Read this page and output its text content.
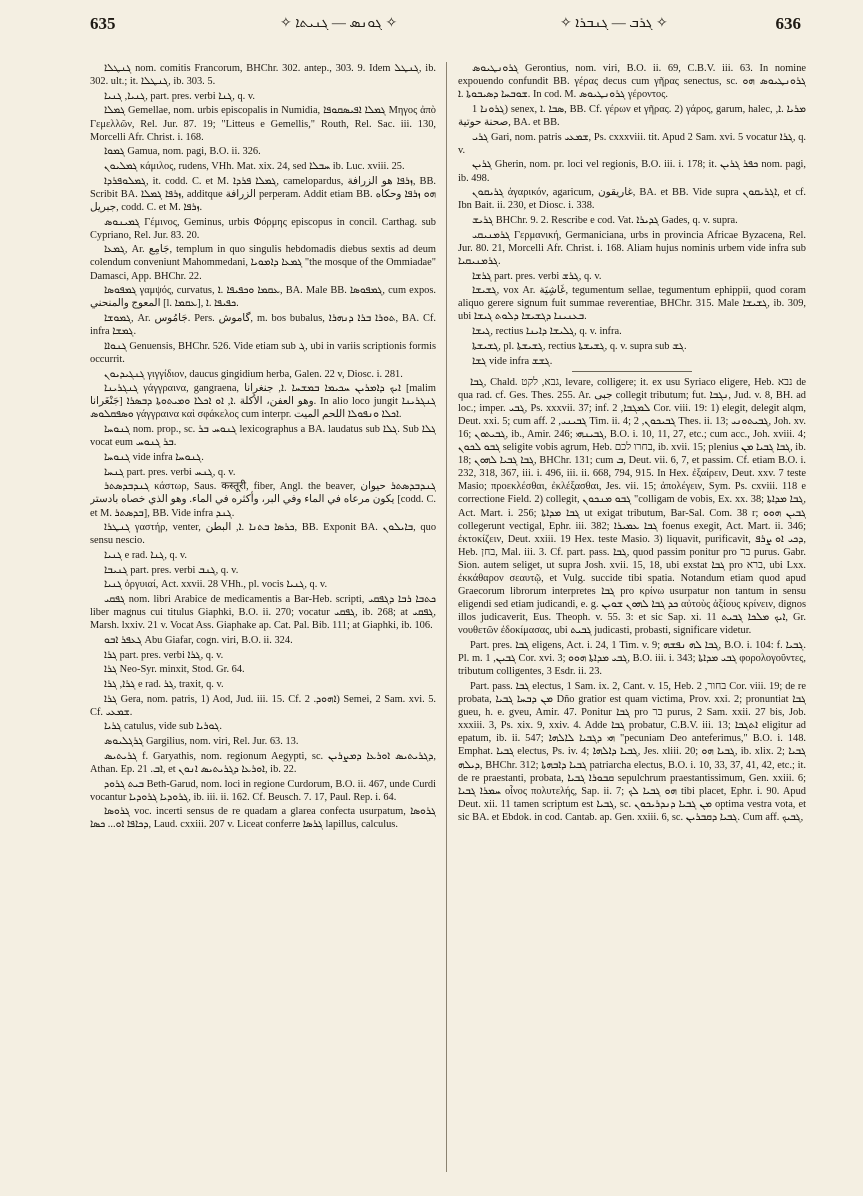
635	✧ ܓܘܢܣ — ܓܢܝܬܐ ✧	✧ ܓܪܒ — ܓܢܒܪܐ ✧	636

ܓܢܛܠܐ nom. comitis Francorum, BHChr. 302. antep., 303. 9. Idem ܓܢܛܠ, ib. 302. ult.; it. ܓܢܛܠܐ, ib. 303. 5.

ܓܢܝܐ, ܓܢܝܐ, part. pres. verbi ܓܢܐ, q. v.

ܓܡܠܐ Gemellae, nom. urbis episcopalis in Numidia, ܓܡܠܐ ܐܦܝܣܩܘܦܐ Μηγος ἀπὸ Γεμελλῶν, Rel. Jur. 87. 19; "Litteus e Gemellis," Routh, Rel. Sac. iii. 130, Morcelli Afr. Christ. i. 168.

ܓܡܘܐ Gamua, nom. pagi, B.O. ii. 326.

ܓܡܠܝܘܢ κάμιλος, rudens, VHh. Mat. xix. 24, sed ܚܒܠܐ ib. Luc. xviii. 25.

ܓܡܠܘܦܪܕܐ, it. codd. C. et M. ܓܡܠܐ ܦܪܕܐ, camelopardus, ܙܪܦܐ هو الزرافة, BB. Scribit BA. ܙܪܦܐ ܓܡܠܐ, additque الزرافة perperam. Addit etiam BB. ܗܘ ܙܪܦܐ وحكاه جبريل, codd. C. et M. ܙܪܦܐ.

ܓܡܝܢܘܣ Γέμινος, Geminus, urbis Φόρμης episcopus in concil. Carthag. sub Cypriano, Rel. Jur. 83. 20.

ܓܡܥܐ, Ar. جَامِع, templum in quo singulis hebdomadis diebus sextis ad deum colendum conveniunt Mahommedani, ܓܡܥܐ ܕܐܡܘܝܐ "the mosque of the Ommiadae" Damasci, App. BHChr. 22.

ܓܡܦܘܣܐ γαμψός, curvatus, ܥܩܡܐ ܘܟܦܝܦܐ .ܐ, BA. Male BB. ܓܡܦܘܣܐ, cum expos. المعوج والمنحني [l. ܥܩܡܐ], ܟܦܝܦܐ .ܐ.

ܓܡܘܫܐ, Ar. جَامُوس. Pers. گاموش, m. bos bubalus, ܬܘܪܐ ܒܪܐ ܕܢܗܪܐ, BA. Cf. infra ܓܡܫܐ.

ܓܢܘܐܐ Genuensis, BHChr. 526. Vide etiam sub ܓ, ubi in variis scriptionis formis occurrit.

ܓܢܓܝܕܝܘܢ γιγγίδιον, daucus gingidium herba, Galen. 22 v, Diosc. i. 281.

ܓܢܓܪܝܢܐ γάγγραινα, gangraena, ܐܝܟ ܕܐܡܪܝܢ ܚܟܝܡܐ ܒܡܫܚܐ .ܐ, جنغرانا [malim جَنْغَرانا] وهو العفن، الأكلة .ܐ, ܐܘ ܐܟܠܐ ܘܡܝܬܘܬܐ ܕܒܣܪܐ. In alio loco jungit ܓܢܓܪܝܢܐ ܘܣܦܩܠܘܣ γάγγραινα καὶ σφάκελος cum interpr. ܐܟܠܐ ܘܢܦܘܠܐ اللحم الميت.

ܓܢܘܚܐ nom. prop., sc. ܓܢܘܚ ܒܪ lexicographus a BA. laudatus sub ܓܠܐ. Sub ܓܠܐ vocat eum ܒܪ ܓܢܘܚ.

ܓܢܘܚܐ vide infra ܓܢܘܚܐ.

ܓܢܚܐ part. pres. verbi ܓܢܚ, q. v.

ܓܢܕܒܕܣܬܪ κάστωρ, Saus. कस्तूरी, fiber, Angl. the beaver, ܓܢܕܒܕܣܬܪ حيوان يكون مرعاه في الماء وفي البر، وأكثره في الماء. وهو الذي خصاه بادستر [codd. C. et M. ܒܕܣܬܪ], BB. Vide infra ܓܢܕ.

ܓܢܛܪܐ γαστήρ, venter, ܟܪܣܐ ܒܬܢܐ .ܐ, البطن, BB. Exponit BA. ܒܐܝܠܘܢ, quo sensu nescio.

ܓܢܝܐ e rad. ܓܢܐ, q. v.

ܓܢܝܒܐ part. pres. verbi ܓܢܒ, q. v.

ܓܢܝܐ ὀργυιαί, Act. xxvii. 28 VHh., pl. vocis ܓܢܝܐ, q. v.

ܓܦܩܝ nom. libri Arabice de medicamentis a Bar-Heb. scripti, ܟܬܒܐ ܪܒܐ ܕܓܦܩܝ liber magnus cui titulus Giaphki, B.O. ii. 270; vocatur ܓܦܩܝ, ib. 268; at ܓܦܩܝ, Marsh. lxxiv. 21 v. Vocat Ass. Giaphake ap. Cat. Pal. Bib. 111; at Giaphki, ib. 106.

ܓܥܦܪ ܐܒܘ Abu Giafar, cogn. viri, B.O. ii. 324.

ܓܪܐ part. pres. verbi ܓܪܐ, q. v.

ܓܪܐ Neo-Syr. minxit, Stod. Gr. 64.

ܓܪܐ, ܓܪܐ e rad. ܓܪ, traxit, q. v.

ܓܪܐ Gera, nom. patris, 1) Aod, Jud. iii. 15. Cf. ܐܗܘܕ. 2) Semei, 2 Sam. xvi. 5. Cf. ܫܡܥܝ.

ܓܪܝܐ catulus, vide sub ܓܘܪܝܐ.

ܓܪܓܠܝܘܣ Gargilius, nom. viri, Rel. Jur. 63. 13.

ܓܪܝܬܝܣ f. Garyathis, nom. regionum Aegypti, sc. ܕܓܪܝܬܝܣ ܐܘܪܥܐ ܕܡܨܪܝܢ, Athan. Ep. ܐܒ. 21, et ܐܘܪܥܐ ܕܓܪܝܬܝܣ ܐܢܘܢ, ib. 22.

ܒܝܬ ܓܪܘܕ Beth-Garud, nom. loci in regione Curdorum, B.O. ii. 467, unde Curdi vocantur ܓܪܘܕܝܐ ܓܪܘܕܝܐ, ib. iii. ii. 162. Cf. Beusch. 7. 17, Paul. Rep. i. 64.

ܓܪܘܣܐ voc. incerti sensus de re quadam a glarea confecta usurpatum, ܓܪܘܣܐ ܕܟܐܦܐ ܐܘ... ܟܣܐ, Laud. cxxiii. 207 v. Liceat conferre ܓܪܣܐ lapillus, calculus.

ܓܪܘܢܛܝܘܣ Gerontius, nom. viri, B.O. ii. 69, C.B.V. iii. 63. In nomine expouendo confundit BB. γέρας decus cum γῆρας senectus, sc. ܓܪܘܢܛܝܘܣ ܗܘ ܫܘܒܚܐ ܕܣܝܒܘܬܐ .ܐ. In cod. M. ܓܪܘܢܛܝܘܣ γέροντος.

ܓܪܘܢܐ 1) senex, ܣܒܐ .ܐ, BB. Cf. γέρων et γῆρας. 2) γάρος, garum, halec, ܡܪܝܐ .ܐ, صحنة حوتية, BA. et BB.

ܓܪܝ Gari, nom. patris ܫܡܥܝ, Ps. cxxxviii. tit. Apud 2 Sam. xvi. 5 vocatur ܓܪܐ, q. v.

ܓܪܝܢ Gherin, nom. pr. loci vel regionis, B.O. iii. i. 178; it. ܟܦܪ ܓܪܝܢ nom. pagi, ib. 498.

ܓܪܝܩܘܢ ἀγαρικόν, agaricum, غاريقون, BA. et BB. Vide supra ܐܓܪܝܩܘܢ, et cf. Ibn Bait. ii. 230, et Diosc. i. 338.

ܓܪܝܫ BHChr. 9. 2. Rescribe e cod. Vat. ܓܕܝܪܐ Gades, q. v. supra.

ܓܪܡܢܝܩܝ Γερμανική, Germaniciana, urbs in provincia Africae Byzacena, Rel. Jur. 80. 21, Morcelli Afr. Christ. i. 168. Aliam hujus nominis urbem vide infra sub ܓܪܡܢܝܩܝܐ.

ܓܪܫܐ part. pres. verbi ܓܪܫ, q. v.

ܓܫܝܫܐ, vox Ar. غَاشِيَة, tegumentum sellae, tegumentum ephippii, quod coram aliquo gerere signum fuit summae reverentiae, BHChr. 315. Male ܓܫܝܫܐ, ib. 309, ubi ܒܥܢܝܢܐ ܕܓܫܝܫܐ ܕܠܘܬ ܓܝܫܐ.

ܓܝܫܐ, rectius ܓܠܝܫܐ ܕܐܝܢܐ, q. v. infra.

ܓܫܝܫܬܐ, pl. ܓܫܝܫܬܐ, rectius ܓܫܝܫܬܐ, q. v. supra sub ܓܫ.

ܓܫܐ vide infra ܓܫܫ.

ܓܒܐ, Chald. גבא, לקט, levare, colligere; it. ex usu Syriaco eligere, Heb. נבא de qua rad. cf. Ges. Thes. 255. Ar. جبى collegit tributum; fut. ܢܓܒܐ, Jud. v. 8, BH. ad loc.; imper. ܓܒܝ, Ps. xxxvii. 37; inf. ܠܡܓܒܐ, 2 Cor. viii. 19: 1) elegit, delegit alqm, Deut. xxi. 5; cum aff. ܓܒܝܢܝ, 2 Tim. ii. 4; ܓܒܝܟܘܢ, 2 Thes. ii. 13; ܓܒܝܬܘܢܝ, Joh. xv. 16; ܓܒܝܬܘܢ, ib., Amir. 246; ܓܒܝܢܗܝ, B.O. i. 10, 11, 27, etc.; cum acc., Joh. xviii. 4; ܓܒܘ ܠܟܘܢ seligite vobis agrum, Heb. בחרו לכם, ib. xvii. 15; plenius ܓܒܐ ܓܒܝܐ ܡܢ, ib. 18; ܓܒܐ ܓܒܝܐ ܠܗܘܢ, BHChr. 131; cum ܒ, Deut. vii. 6, 7, et passim. Cf. etiam B.O. i. 232, 318, 367, iii. i. 496, iii. ii. 668, 794, 915. In Hex. ἐξαίρειν, Deut. xxv. 7 teste Masio; προεκλέσθαι, ἐκλέξασθαι, Jes. vii. 15; ἀπολέγειν, Sym. Ps. cxviii. 118 e correctione Field. 2) collegit, ܓܒܘ ܡܢܟܘܢ "colligam de vobis, Ex. xx. 38; ܓܒܐ ܡܕܐܬܐ, Act. Mart. i. 256; ܓܒܐ ܡܕܐܬܐ ut exigat tributum, Bar-Sal. Com. 38 r; ܓܒܝܢ ܗܘܘ collegerunt vectigal, Ephr. iii. 382; ܓܒܐ ܥܡܝܪܐ foenus exegit, Act. Mart. ii. 346; ἐκτοκίζειν, Deut. xxiii. 19 Hex. teste Masio. 3) liquavit, purificavit, ܕܟܝ ܐܘ ܨܪܦ, Heb. בחן, Mal. iii. 3. Cf. part. pass. ܓܒܐ, quod passim ponitur pro בר purus. Gabr. Sion. autem seliget, ut supra Josh. xvii. 15, 18, ubi exstat ܓܒܐ pro ברא, ubi Lxx. ἐκκάθαρον σεαυτῷ, et Vulg. succide tibi spatia. Notandum etiam quod apud Graecorum librorum interpretes ܓܒܐ pro κρίνω usurpatur non tantum in sensu eligendi sed etiam judicandi, e. g. ܟܕ ܓܒܐ ܠܗܘܢ ܫܘܝܢ αὐτοὺς ἀξίους κρίνειν, dignos illos judicaverit, Eus. Theoph. v. 55. 3: et sic Sap. xi. 11 ܐܝܟ ܡܠܟܐ ܓܒܝܬ, Gr. νουθετῶν ἐδοκίμασας, ubi ܓܒܝܬ judicasti, probasti, significare videtur.

Part. pres. ܓܒܐ eligens, Act. i. 24, 1 Tim. v. 9; ܓܒܐ ܠܗ ܢܦܫܗ, B.O. i. 104: f. ܓܒܝܐ. Pl. m. ܓܒܝܢ, 1 Cor. xvi. 3; ܓܒܝ ܡܕܐܬܐ ܗܘܘ, B.O. iii. i. 343; ܓܒܝ ܡܕܐܬܐ φορολογοῦντες, tributum colligentes, 3 Esdr. ii. 23.

Part. pass. ܓܒܐ electus, 1 Sam. ix. 2, Cant. v. 15, Heb. בחור, 2 Cor. viii. 19; de re probata, ܡܢ ܕܒܚܐ ܓܒܝܐ Dño gratior est quam victima, Prov. xxi. 2; pronuntiat ܓܒܐ gueu, h. e. gveu, Amir. 47. Ponitur ܓܒܐ pro בר purus, 2 Sam. xxii. 27 bis, Job. xxxiii. 3, Ps. xix. 9, xxiv. 4. Adde ܓܒܐ probatur, C.B.V. iii. 13; ܐܬܓܒܐ eligitur ad epatum, ib. ii. 547; ܗܝ ܕܓܒܝܐ ܠܐܠܗܐ "pecuniam Deo anteferimus," B.O. i. 148. Emphat. ܓܒܝܐ electus, Ps. iv. 4; ܓܒܝܐ ܕܐܠܗܐ, Jes. xliii. 20; ܓܒܝܐ ܗܘ, ib. xlix. 2; ܓܒܝܐ ܕܝܠܗ, BHChr. 312; ܓܒܝܐ ܕܐܒܗܬܐ patriarcha electus, B.O. i. 10, 33, 37, 41, 42, etc.; it. de re praestanti, probata, ܩܒܘܪܐ ܓܒܝܐ sepulchrum praestantissimum, Gen. xxiii. 6; ܚܡܪܐ ܓܒܝܐ οἶνος πολυτελής, Sap. ii. 7; ܗܘ ܓܒܝܐ ܠܟ tibi placet, Ephr. i. 90. Apud Deut. xii. 11 tamen scriptum est ܓܒܝܐ, sc. ܡܢ ܓܒܝܐ ܕܢܕܪܝܟܘܢ optima vestra vota, et sic BA. et Ebdok. in cod. Cantab. ap. Gen. xxiii. 6, sc. ܓܒܝܐ ܕܩܒܪܝܢ. Cum aff. ܓܒܝܟ,
